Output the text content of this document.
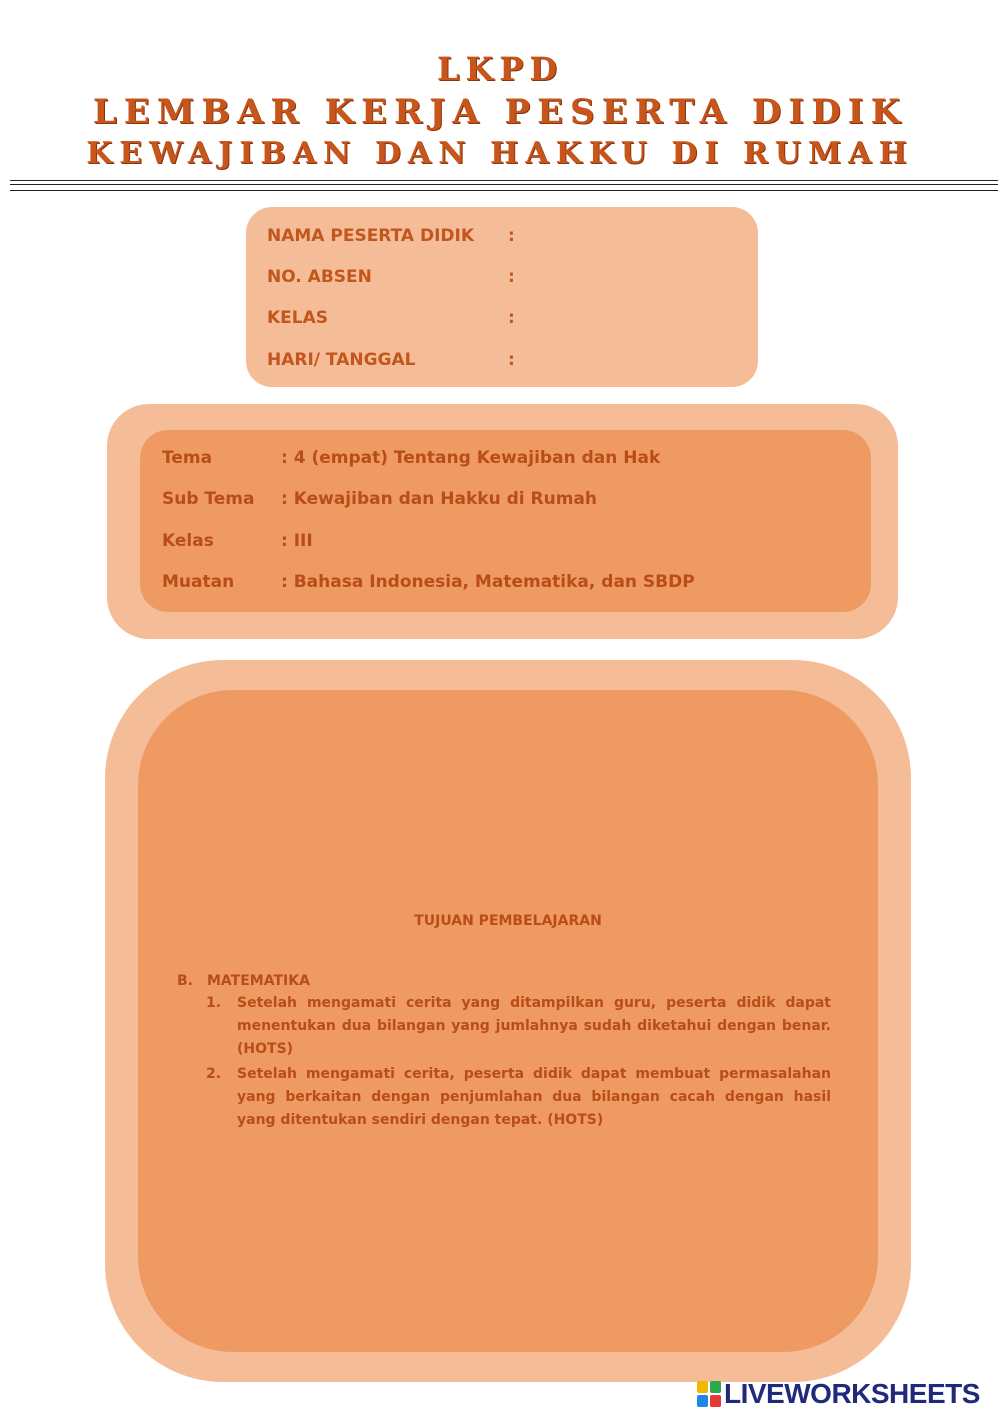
LKPD
LEMBAR KERJA PESERTA DIDIK
KEWAJIBAN DAN HAKKU DI RUMAH
NAMA PESERTA DIDIK :
NO. ABSEN	:
KELAS	:
HARI/ TANGGAL	:
Tema	: 4 (empat) Tentang Kewajiban dan Hak
Sub Tema : Kewajiban dan Hakku di Rumah
Kelas	: III
Muatan	: Bahasa Indonesia, Matematika, dan SBDP
TUJUAN PEMBELAJARAN
B. MATEMATIKA
1. Setelah mengamati cerita yang ditampilkan guru, peserta didik dapat menentukan dua bilangan yang jumlahnya sudah diketahui dengan benar. (HOTS)
2. Setelah mengamati cerita, peserta didik dapat membuat permasalahan yang berkaitan dengan penjumlahan dua bilangan cacah dengan hasil yang ditentukan sendiri dengan tepat. (HOTS)
LIVEWORKSHEETS
